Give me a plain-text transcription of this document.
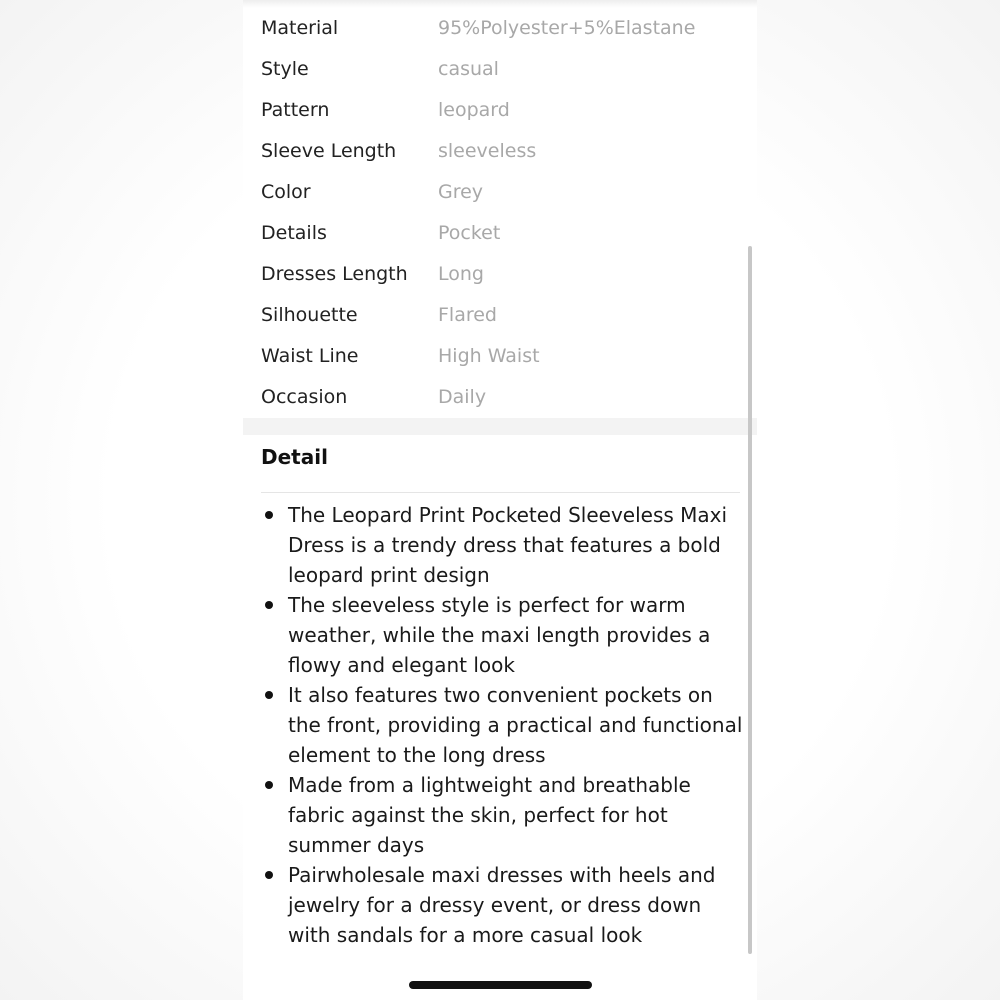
Material	95%Polyester+5%Elastane
Style	casual
Pattern	leopard
Sleeve Length	sleeveless
Color	Grey
Details	Pocket
Dresses Length	Long
Silhouette	Flared
Waist Line	High Waist
Occasion	Daily
Detail
The Leopard Print Pocketed Sleeveless Maxi Dress is a trendy dress that features a bold leopard print design
The sleeveless style is perfect for warm weather, while the maxi length provides a flowy and elegant look
It also features two convenient pockets on the front, providing a practical and functional element to the long dress
Made from a lightweight and breathable fabric against the skin, perfect for hot summer days
Pairwholesale maxi dresses with heels and jewelry for a dressy event, or dress down with sandals for a more casual look
